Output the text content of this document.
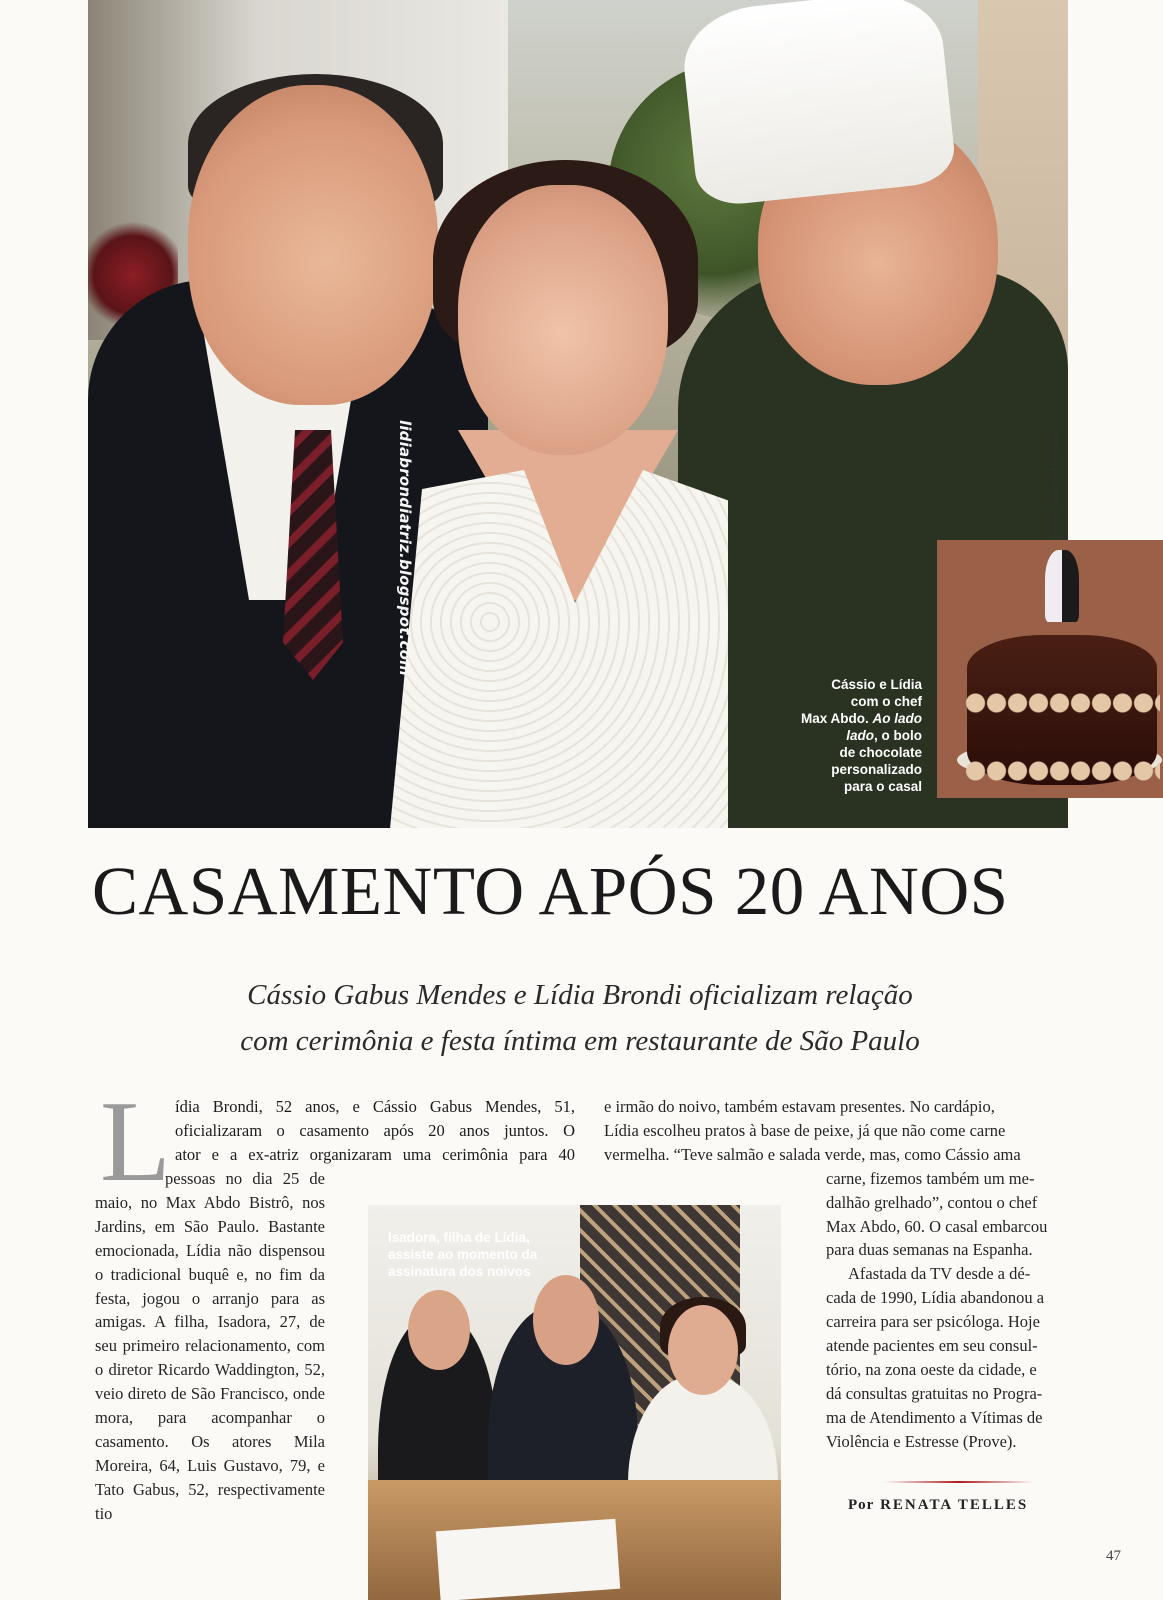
lidiabrondiatriz.blogspot.com	FOTOS: ARQUIVO PESSOAL
Cássio e Lídia
com o chef
Max Abdo. Ao lado
lado, o bolo
de chocolate
personalizado
para o casal
CASAMENTO APÓS 20 ANOS
Cássio Gabus Mendes e Lídia Brondi oficializam relação
com cerimônia e festa íntima em restaurante de São Paulo
L ídia Brondi, 52 anos, e Cássio Gabus Mendes, 51,
oficializaram o casamento após 20 anos juntos. O
ator e a ex-atriz organizaram uma cerimônia para 40

pessoas no dia 25 de maio, no Max Abdo Bistrô, nos Jardins, em São Paulo. Bastante emocionada, Lídia não dispensou o tradicional buquê e, no fim da festa, jogou o arranjo para as amigas. A filha, Isadora, 27, de seu primeiro relacionamento, com o diretor Ricardo Waddington, 52, veio direto de São Francisco, onde mora, para acompanhar o casamento. Os atores Mila Moreira, 64, Luis Gustavo, 79, e Tato Gabus, 52, respectivamente tio

e irmão do noivo, também estavam presentes. No cardápio,
Lídia escolheu pratos à base de peixe, já que não come carne
vermelha. “Teve salmão e salada verde, mas, como Cássio ama
carne, fizemos também um me-
dalhão grelhado”, contou o chef
Max Abdo, 60. O casal embarcou
para duas semanas na Espanha.
Afastada da TV desde a dé-
cada de 1990, Lídia abandonou a
carreira para ser psicóloga. Hoje
atende pacientes em seu consul-
tório, na zona oeste da cidade, e
dá consultas gratuitas no Progra-
ma de Atendimento a Vítimas de
Violência e Estresse (Prove).
Isadora, filha de Lídia,
assiste ao momento da
assinatura dos noivos
Por RENATA TELLES
47
